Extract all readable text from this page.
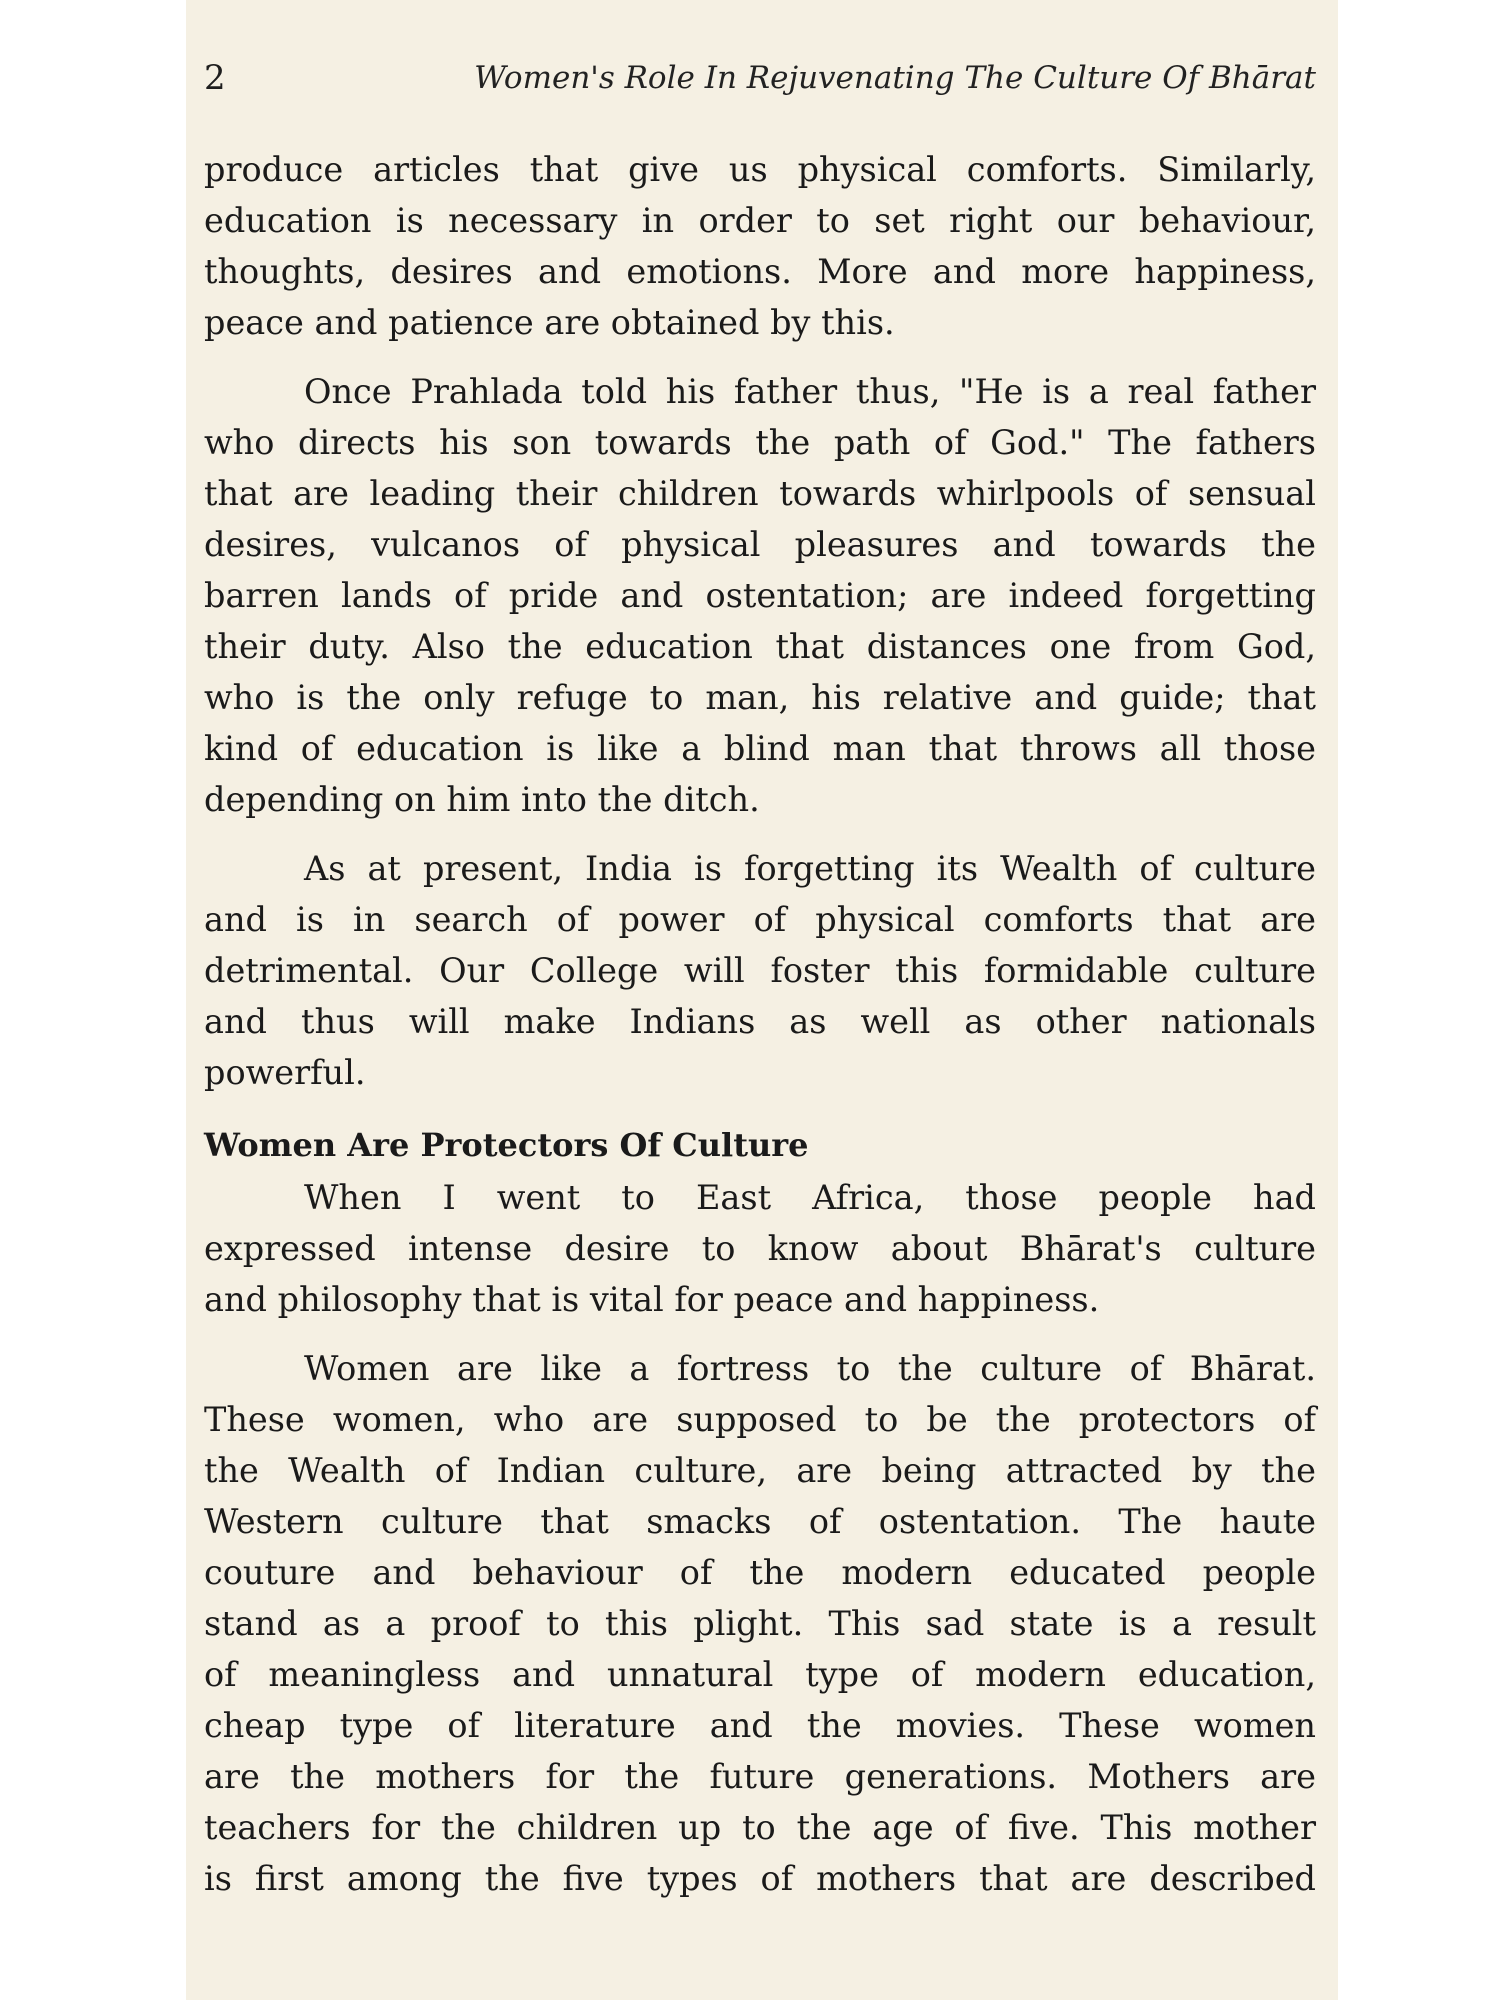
2	Women's Role In Rejuvenating The Culture Of Bhārat
produce articles that give us physical comforts. Similarly,
education is necessary in order to set right our behaviour,
thoughts, desires and emotions. More and more happiness,
peace and patience are obtained by this.
Once Prahlada told his father thus, "He is a real father
who directs his son towards the path of God." The fathers
that are leading their children towards whirlpools of sensual
desires, vulcanos of physical pleasures and towards the
barren lands of pride and ostentation; are indeed forgetting
their duty. Also the education that distances one from God,
who is the only refuge to man, his relative and guide; that
kind of education is like a blind man that throws all those
depending on him into the ditch.
As at present, India is forgetting its Wealth of culture
and is in search of power of physical comforts that are
detrimental. Our College will foster this formidable culture
and thus will make Indians as well as other nationals
powerful.
Women Are Protectors Of Culture
When I went to East Africa, those people had
expressed intense desire to know about Bhārat's culture
and philosophy that is vital for peace and happiness.
Women are like a fortress to the culture of Bhārat.
These women, who are supposed to be the protectors of
the Wealth of Indian culture, are being attracted by the
Western culture that smacks of ostentation. The haute
couture and behaviour of the modern educated people
stand as a proof to this plight. This sad state is a result
of meaningless and unnatural type of modern education,
cheap type of literature and the movies. These women
are the mothers for the future generations. Mothers are
teachers for the children up to the age of five. This mother
is first among the five types of mothers that are described
